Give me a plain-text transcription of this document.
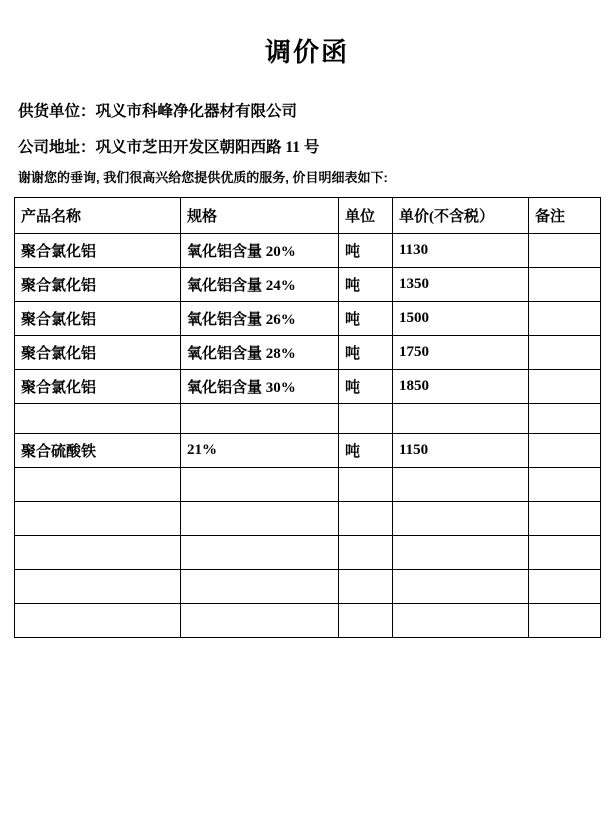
调价函

供货单位：巩义市科峰净化器材有限公司

公司地址：巩义市芝田开发区朝阳西路 11 号

谢谢您的垂询, 我们很高兴给您提供优质的服务, 价目明细表如下:

产品名称	规格	单位	单价(不含税）	备注
聚合氯化铝	氧化铝含量 20%	吨	1130	
聚合氯化铝	氧化铝含量 24%	吨	1350	
聚合氯化铝	氧化铝含量 26%	吨	1500	
聚合氯化铝	氧化铝含量 28%	吨	1750	
聚合氯化铝	氧化铝含量 30%	吨	1850	

聚合硫酸铁	21%	吨	1150	
